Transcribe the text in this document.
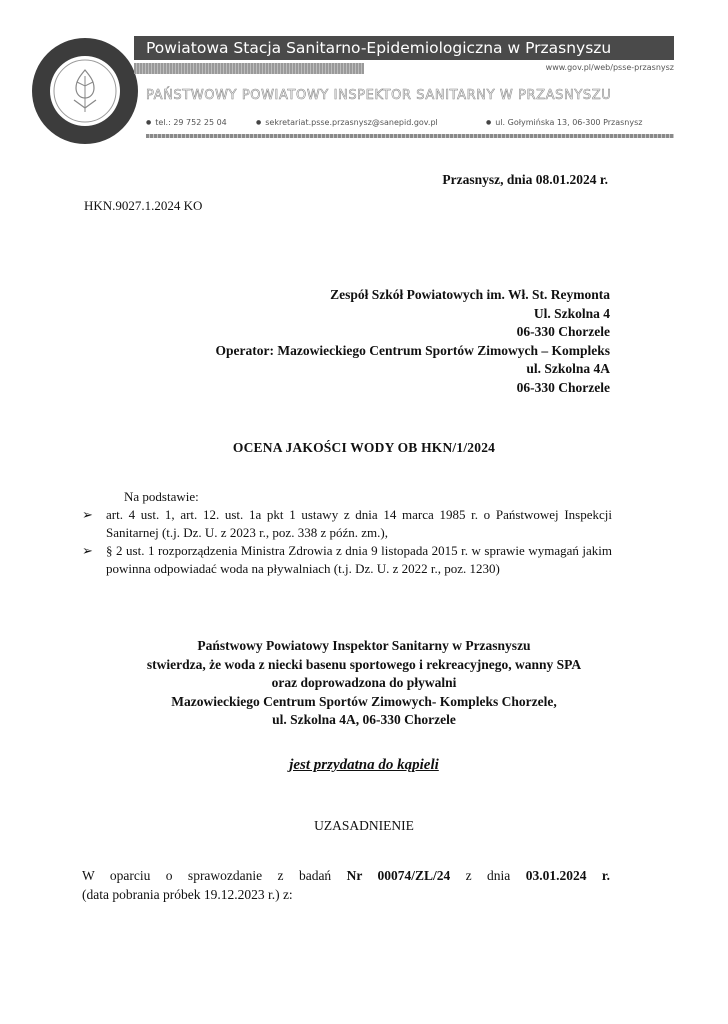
Powiatowa Stacja Sanitarno-Epidemiologiczna w Przasnyszu
www.gov.pl/web/psse-przasnysz
PAŃSTWOWY POWIATOWY INSPEKTOR SANITARNY W PRZASNYSZU
● tel.: 29 752 25 04	● sekretariat.psse.przasnysz@sanepid.gov.pl	● ul. Gołymińska 13, 06-300 Przasnysz
Przasnysz, dnia 08.01.2024 r.
HKN.9027.1.2024 KO
Zespół Szkół Powiatowych im. Wł. St. Reymonta
Ul. Szkolna 4
06-330 Chorzele
Operator: Mazowieckiego Centrum Sportów Zimowych – Kompleks
ul. Szkolna 4A
06-330 Chorzele
OCENA JAKOŚCI WODY OB HKN/1/2024
Na podstawie:
➢ art. 4 ust. 1, art. 12. ust. 1a pkt 1 ustawy z dnia 14 marca 1985 r. o Państwowej Inspekcji Sanitarnej (t.j. Dz. U. z 2023 r., poz. 338 z późn. zm.),
➢ § 2 ust. 1 rozporządzenia Ministra Zdrowia z dnia 9 listopada 2015 r. w sprawie wymagań jakim powinna odpowiadać woda na pływalniach (t.j. Dz. U. z 2022 r., poz. 1230)
Państwowy Powiatowy Inspektor Sanitarny w Przasnyszu
stwierdza, że woda z niecki basenu sportowego i rekreacyjnego, wanny SPA
oraz doprowadzona do pływalni
Mazowieckiego Centrum Sportów Zimowych- Kompleks Chorzele,
ul. Szkolna 4A, 06-330 Chorzele
jest przydatna do kąpieli
UZASADNIENIE
W oparciu o sprawozdanie z badań Nr 00074/ZL/24 z dnia 03.01.2024 r.
(data pobrania próbek 19.12.2023 r.) z:
